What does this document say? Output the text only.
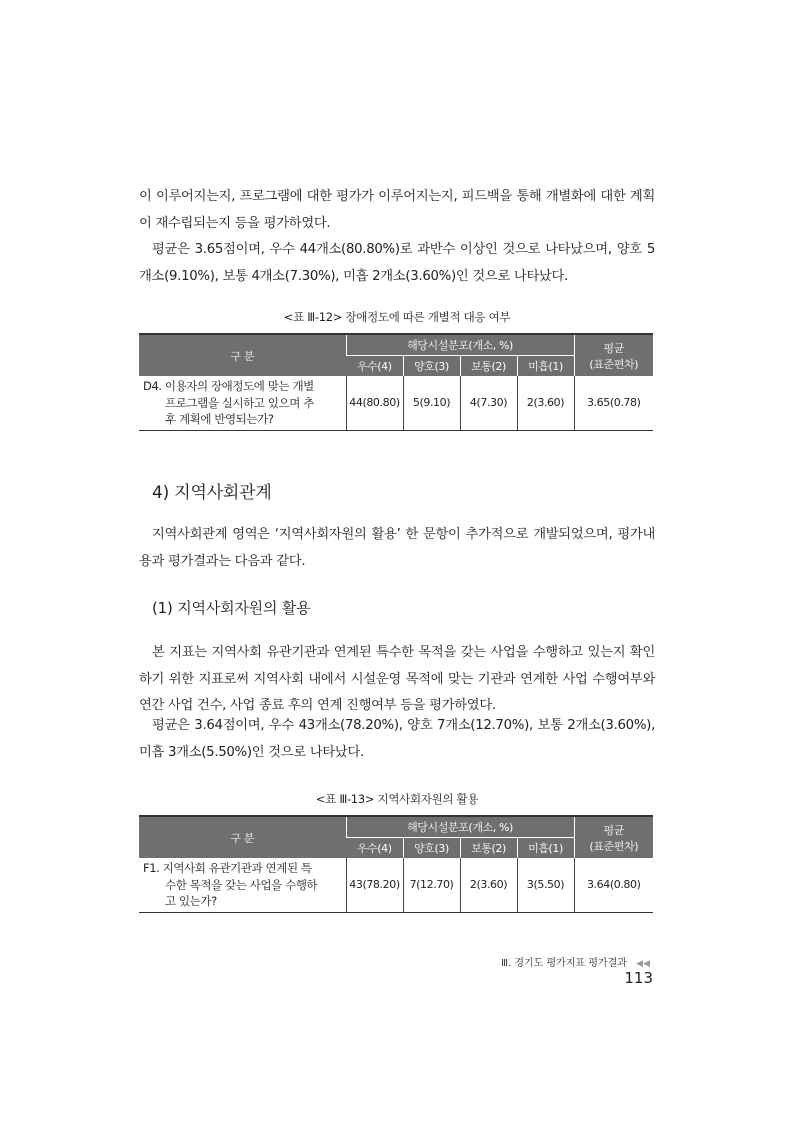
이 이루어지는지, 프로그램에 대한 평가가 이루어지는지, 피드백을 통해 개별화에 대한 계획이 재수립되는지 등을 평가하였다.

평균은 3.65점이며, 우수 44개소(80.80%)로 과반수 이상인 것으로 나타났으며, 양호 5개소(9.10%), 보통 4개소(7.30%), 미흡 2개소(3.60%)인 것으로 나타났다.

<표 Ⅲ-12> 장애정도에 따른 개별적 대응 여부
구 분	해당시설분포(개소, %)				평균
(표준편차)

	우수(4)	양호(3)	보통(2)	미흡(1)	
D4. 이용자의 장애정도에 맞는 개별
프로그램을 실시하고 있으며 추
후 계획에 반영되는가?	44(80.80)	5(9.10)	4(7.30)	2(3.60)	3.65(0.78)
4) 지역사회관계

지역사회관계 영역은 ‘지역사회자원의 활용’ 한 문항이 추가적으로 개발되었으며, 평가내용과 평가결과는 다음과 같다.

(1) 지역사회자원의 활용

본 지표는 지역사회 유관기관과 연계된 특수한 목적을 갖는 사업을 수행하고 있는지 확인하기 위한 지표로써 지역사회 내에서 시설운영 목적에 맞는 기관과 연계한 사업 수행여부와 연간 사업 건수, 사업 종료 후의 연계 진행여부 등을 평가하였다.

평균은 3.64점이며, 우수 43개소(78.20%), 양호 7개소(12.70%), 보통 2개소(3.60%), 미흡 3개소(5.50%)인 것으로 나타났다.

<표 Ⅲ-13> 지역사회자원의 활용
구 분	해당시설분포(개소, %)				평균
(표준편차)

	우수(4)	양호(3)	보통(2)	미흡(1)	
F1. 지역사회 유관기관과 연계된 특
수한 목적을 갖는 사업을 수행하
고 있는가?	43(78.20)	7(12.70)	2(3.60)	3(5.50)	3.64(0.80)
Ⅲ. 경기도 평가지표 평가결과 ◀◀ 113
